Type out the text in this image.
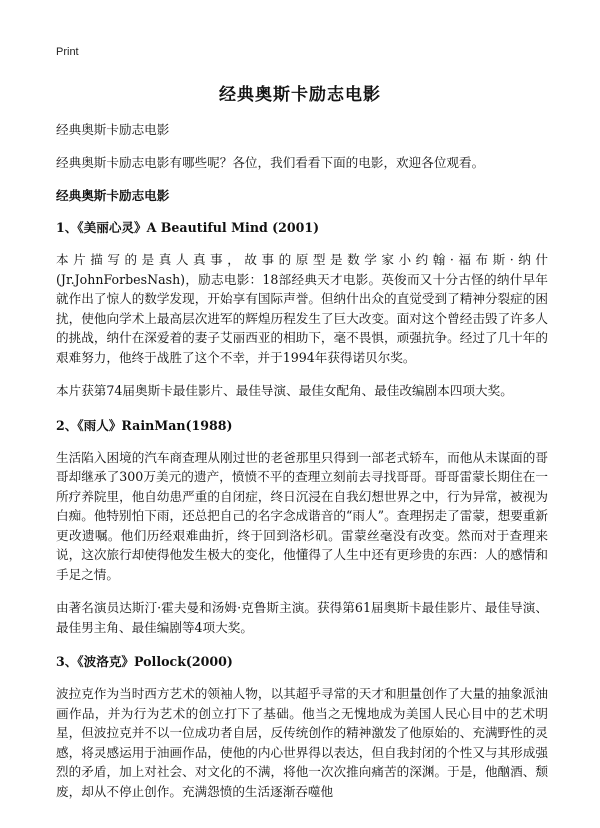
Print
经典奥斯卡励志电影

经典奥斯卡励志电影

经典奥斯卡励志电影有哪些呢？各位，我们看看下面的电影，欢迎各位观看。

经典奥斯卡励志电影
1、《美丽心灵》A Beautiful Mind (2001)

本片描写的是真人真事，故事的原型是数学家小约翰·福布斯·纳什(Jr.JohnForbesNash)，励志电影：18部经典天才电影。英俊而又十分古怪的纳什早年就作出了惊人的数学发现，开始享有国际声誉。但纳什出众的直觉受到了精神分裂症的困扰，使他向学术上最高层次进军的辉煌历程发生了巨大改变。面对这个曾经击毁了许多人的挑战，纳什在深爱着的妻子艾丽西亚的相助下，毫不畏惧，顽强抗争。经过了几十年的艰难努力，他终于战胜了这个不幸，并于1994年获得诺贝尔奖。

本片获第74届奥斯卡最佳影片、最佳导演、最佳女配角、最佳改编剧本四项大奖。

2、《雨人》RainMan(1988)

生活陷入困境的汽车商查理从刚过世的老爸那里只得到一部老式轿车，而他从未谋面的哥哥却继承了300万美元的遗产，愤愤不平的查理立刻前去寻找哥哥。哥哥雷蒙长期住在一所疗养院里，他自幼患严重的自闭症，终日沉浸在自我幻想世界之中，行为异常，被视为白痴。他特别怕下雨，还总把自己的名字念成谐音的“雨人”。查理拐走了雷蒙，想要重新更改遗嘱。他们历经艰难曲折，终于回到洛杉矶。雷蒙丝毫没有改变。然而对于查理来说，这次旅行却使得他发生极大的变化，他懂得了人生中还有更珍贵的东西：人的感情和手足之情。

由著名演员达斯汀·霍夫曼和汤姆·克鲁斯主演。获得第61届奥斯卡最佳影片、最佳导演、最佳男主角、最佳编剧等4项大奖。

3、《波洛克》Pollock(2000)

波拉克作为当时西方艺术的领袖人物，以其超乎寻常的天才和胆量创作了大量的抽象派油画作品，并为行为艺术的创立打下了基础。他当之无愧地成为美国人民心目中的艺术明星，但波拉克并不以一位成功者自居，反传统创作的精神激发了他原始的、充满野性的灵感，将灵感运用于油画作品，使他的内心世界得以表达，但自我封闭的个性又与其形成强烈的矛盾，加上对社会、对文化的不满，将他一次次推向痛苦的深渊。于是，他酗酒、颓废，却从不停止创作。充满怨愤的生活逐渐吞噬他
